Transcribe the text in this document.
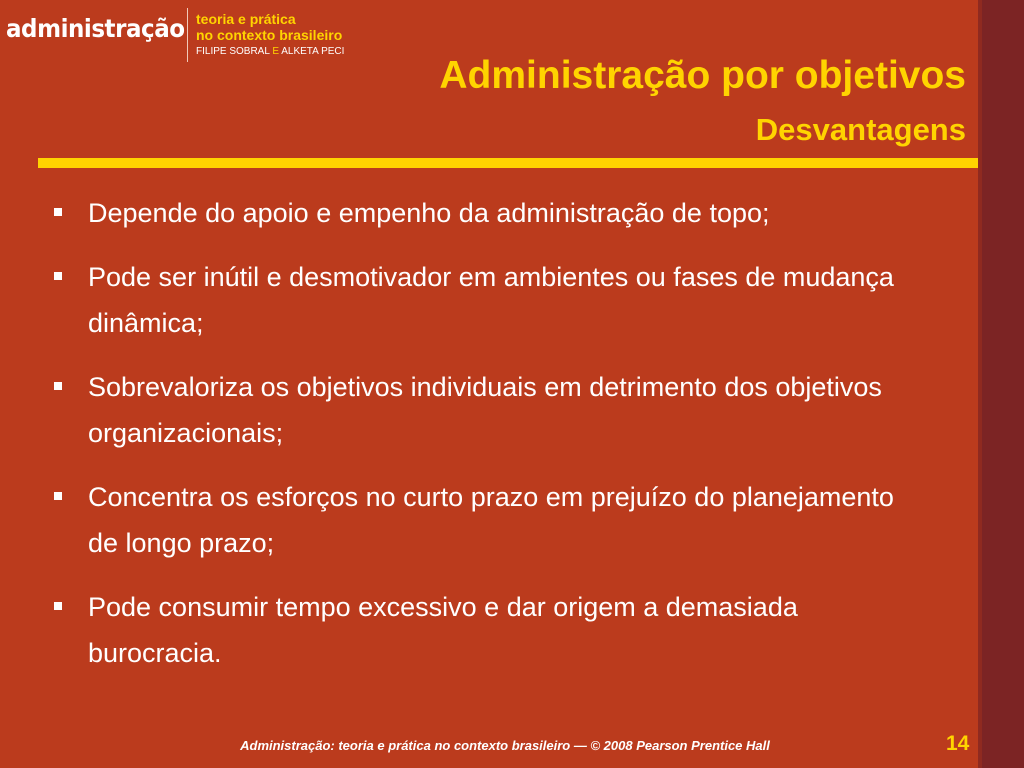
administração teoria e prática
no contexto brasileiro
FILIPE SOBRAL E ALKETA PECI
Administração por objetivos
Desvantagens
Depende do apoio e empenho da administração de topo;
Pode ser inútil e desmotivador em ambientes ou fases de mudança dinâmica;
Sobrevaloriza os objetivos individuais em detrimento dos objetivos organizacionais;
Concentra os esforços no curto prazo em prejuízo do planejamento de longo prazo;
Pode consumir tempo excessivo e dar origem a demasiada burocracia.
Administração: teoria e prática no contexto brasileiro — © 2008 Pearson Prentice Hall	14
